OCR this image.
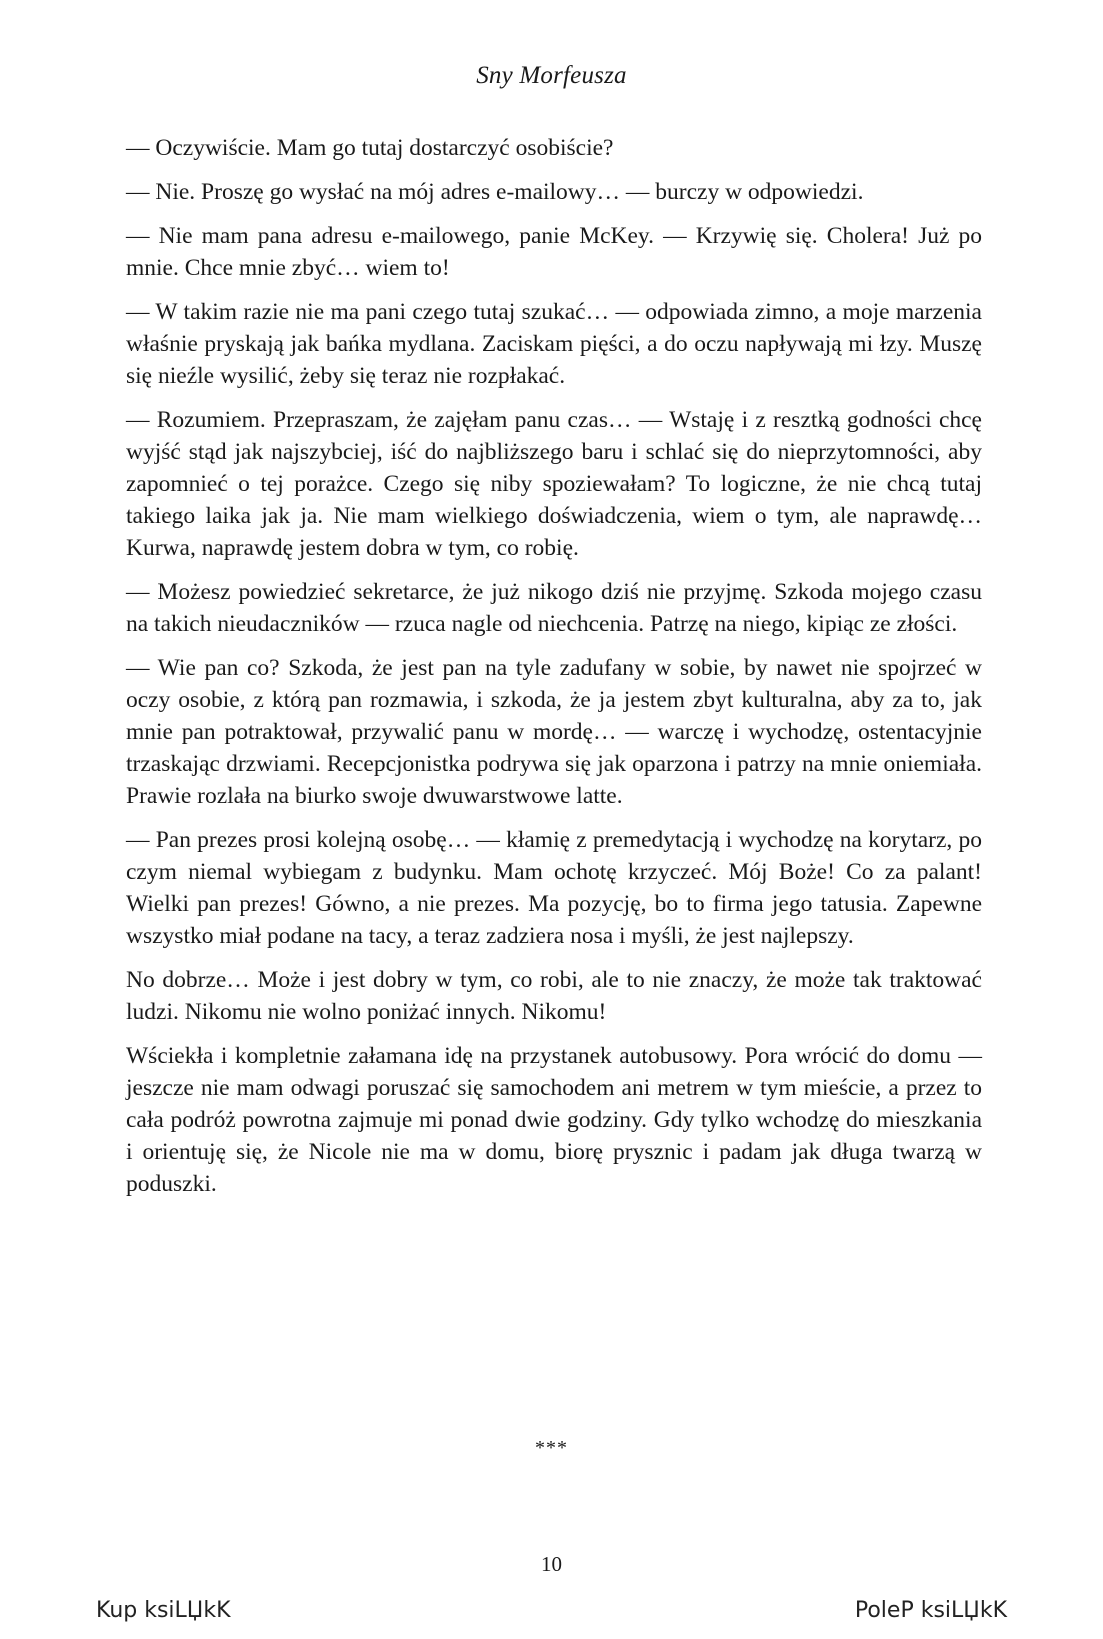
Sny Morfeusza

— Oczywiście. Mam go tutaj dostarczyć osobiście?

— Nie. Proszę go wysłać na mój adres e-mailowy… — burczy w odpowiedzi.

— Nie mam pana adresu e-mailowego, panie McKey. — Krzywię się. Cholera! Już po mnie. Chce mnie zbyć… wiem to!

— W takim razie nie ma pani czego tutaj szukać… — odpowiada zimno, a moje marzenia właśnie pryskają jak bańka mydlana. Zaciskam pięści, a do oczu napływają mi łzy. Muszę się nieźle wysilić, żeby się teraz nie rozpłakać.

— Rozumiem. Przepraszam, że zajęłam panu czas… — Wstaję i z resztką godności chcę wyjść stąd jak najszybciej, iść do najbliższego baru i schlać się do nieprzytomności, aby zapomnieć o tej porażce. Czego się niby spoziewałam? To logiczne, że nie chcą tutaj takiego laika jak ja. Nie mam wielkiego doświadczenia, wiem o tym, ale naprawdę… Kurwa, naprawdę jestem dobra w tym, co robię.

— Możesz powiedzieć sekretarce, że już nikogo dziś nie przyjmę. Szkoda mojego czasu na takich nieudaczników — rzuca nagle od niechcenia. Patrzę na niego, kipiąc ze złości.

— Wie pan co? Szkoda, że jest pan na tyle zadufany w sobie, by nawet nie spojrzeć w oczy osobie, z którą pan rozmawia, i szkoda, że ja jestem zbyt kulturalna, aby za to, jak mnie pan potraktował, przywalić panu w mordę… — warczę i wychodzę, ostentacyjnie trzaskając drzwiami. Recepcjonistka podrywa się jak oparzona i patrzy na mnie oniemiała. Prawie rozlała na biurko swoje dwuwarstwowe latte.

— Pan prezes prosi kolejną osobę… — kłamię z premedytacją i wychodzę na korytarz, po czym niemal wybiegam z budynku. Mam ochotę krzyczeć. Mój Boże! Co za palant! Wielki pan prezes! Gówno, a nie prezes. Ma pozycję, bo to firma jego tatusia. Zapewne wszystko miał podane na tacy, a teraz zadziera nosa i myśli, że jest najlepszy.

No dobrze… Może i jest dobry w tym, co robi, ale to nie znaczy, że może tak traktować ludzi. Nikomu nie wolno poniżać innych. Nikomu!

Wściekła i kompletnie załamana idę na przystanek autobusowy. Pora wrócić do domu — jeszcze nie mam odwagi poruszać się samochodem ani metrem w tym mieście, a przez to cała podróż powrotna zajmuje mi ponad dwie godziny. Gdy tylko wchodzę do mieszkania i orientuję się, że Nicole nie ma w domu, biorę prysznic i padam jak długa twarzą w poduszki.

***
10
Kup ksiLЏkK	PoleP ksiLЏkK
